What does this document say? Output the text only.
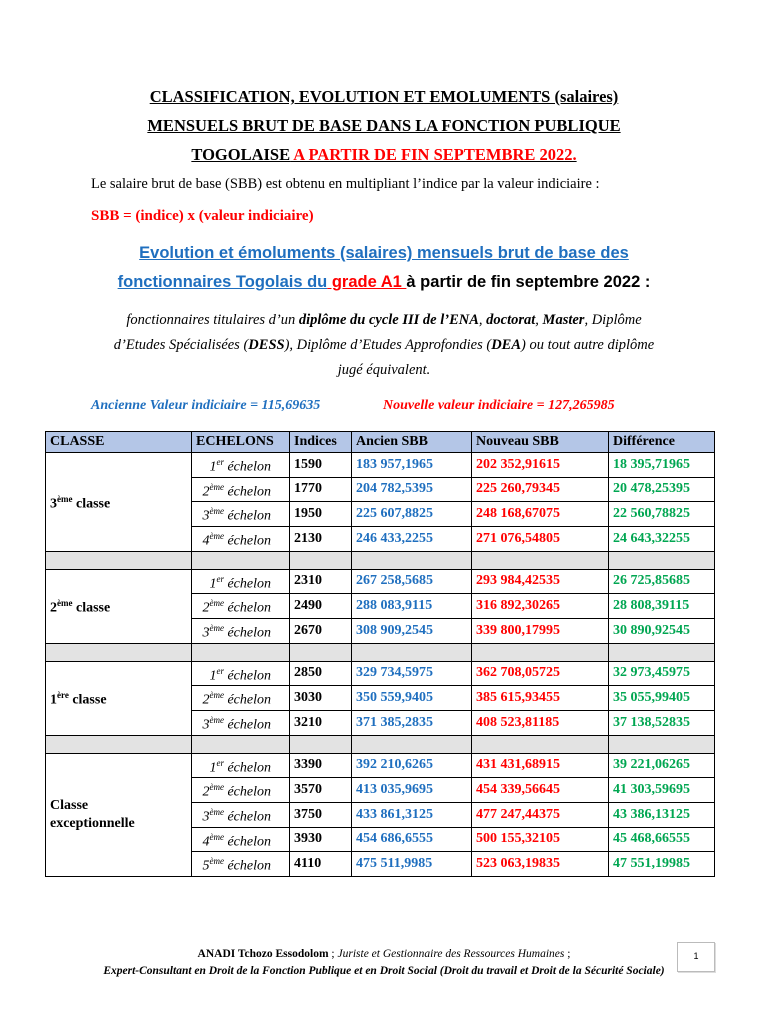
CLASSIFICATION, EVOLUTION ET EMOLUMENTS (salaires)
MENSUELS BRUT DE BASE DANS LA FONCTION PUBLIQUE
TOGOLAISE A PARTIR DE FIN SEPTEMBRE 2022.
Le salaire brut de base (SBB) est obtenu en multipliant l’indice par la valeur indiciaire :
SBB = (indice) x (valeur indiciaire)
Evolution et émoluments (salaires) mensuels brut de base des
fonctionnaires Togolais du grade A1 à partir de fin septembre 2022 :
fonctionnaires titulaires d’un diplôme du cycle III de l’ENA, doctorat, Master, Diplôme
d’Etudes Spécialisées (DESS), Diplôme d’Etudes Approfondies (DEA) ou tout autre diplôme
jugé équivalent.
Ancienne Valeur indiciaire = 115,69635	Nouvelle valeur indiciaire = 127,265985
CLASSE	ECHELONS	Indices	Ancien SBB	Nouveau SBB	Différence
3ème classe	1er échelon	1590	183 957,1965	202 352,91615	18 395,71965
	2ème échelon	1770	204 782,5395	225 260,79345	20 478,25395
	3ème échelon	1950	225 607,8825	248 168,67075	22 560,78825
	4ème échelon	2130	246 433,2255	271 076,54805	24 643,32255

2ème classe	1er échelon	2310	267 258,5685	293 984,42535	26 725,85685
	2ème échelon	2490	288 083,9115	316 892,30265	28 808,39115
	3ème échelon	2670	308 909,2545	339 800,17995	30 890,92545

1ère classe	1er échelon	2850	329 734,5975	362 708,05725	32 973,45975
	2ème échelon	3030	350 559,9405	385 615,93455	35 055,99405
	3ème échelon	3210	371 385,2835	408 523,81185	37 138,52835

Classe
exceptionnelle	1er échelon	3390	392 210,6265	431 431,68915	39 221,06265
	2ème échelon	3570	413 035,9695	454 339,56645	41 303,59695
	3ème échelon	3750	433 861,3125	477 247,44375	43 386,13125
	4ème échelon	3930	454 686,6555	500 155,32105	45 468,66555
	5ème échelon	4110	475 511,9985	523 063,19835	47 551,19985
ANADI Tchozo Essodolom ; Juriste et Gestionnaire des Ressources Humaines ;
Expert-Consultant en Droit de la Fonction Publique et en Droit Social (Droit du travail et Droit de la Sécurité Sociale)
1
